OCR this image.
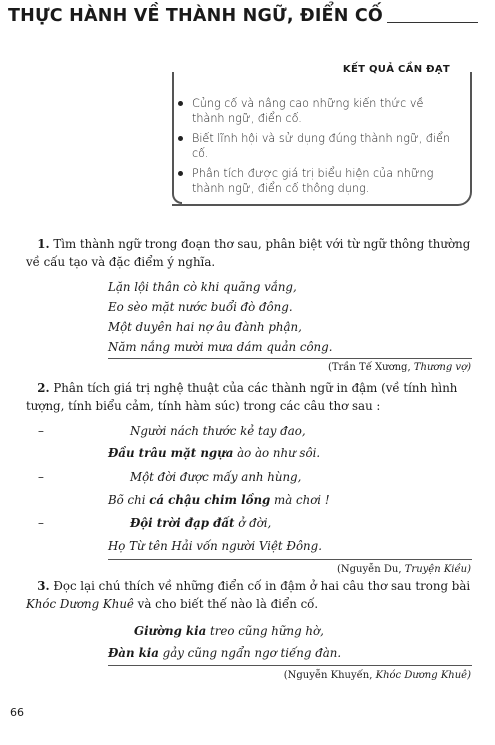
THỰC HÀNH VỀ THÀNH NGỮ, ĐIỂN CỐ
KẾT QUẢ CẦN ĐẠT
Củng cố và nâng cao những kiến thức về thành ngữ, điển cố.
Biết lĩnh hội và sử dụng đúng thành ngữ, điển cố.
Phân tích được giá trị biểu hiện của những thành ngữ, điển cố thông dụng.
1. Tìm thành ngữ trong đoạn thơ sau, phân biệt với từ ngữ thông thường về cấu tạo và đặc điểm ý nghĩa.
Lặn lội thân cò khi quãng vắng,
Eo sèo mặt nước buổi đò đông.
Một duyên hai nợ âu đành phận,
Năm nắng mười mưa dám quản công.
(Trần Tế Xương, Thương vợ)
2. Phân tích giá trị nghệ thuật của các thành ngữ in đậm (về tính hình tượng, tính biểu cảm, tính hàm súc) trong các câu thơ sau :
–	Người nách thước kẻ tay đao,
Đầu trâu mặt ngựa ào ào như sôi.
–	Một đời được mấy anh hùng,
Bõ chi cá chậu chim lồng mà chơi !
–	Đội trời đạp đất ở đời,
Họ Từ tên Hải vốn người Việt Đông.
(Nguyễn Du, Truyện Kiều)
3. Đọc lại chú thích về những điển cố in đậm ở hai câu thơ sau trong bài Khóc Dương Khuê và cho biết thế nào là điển cố.
Giường kia treo cũng hững hờ,
Đàn kia gảy cũng ngẩn ngơ tiếng đàn.
(Nguyễn Khuyến, Khóc Dương Khuê)
66
